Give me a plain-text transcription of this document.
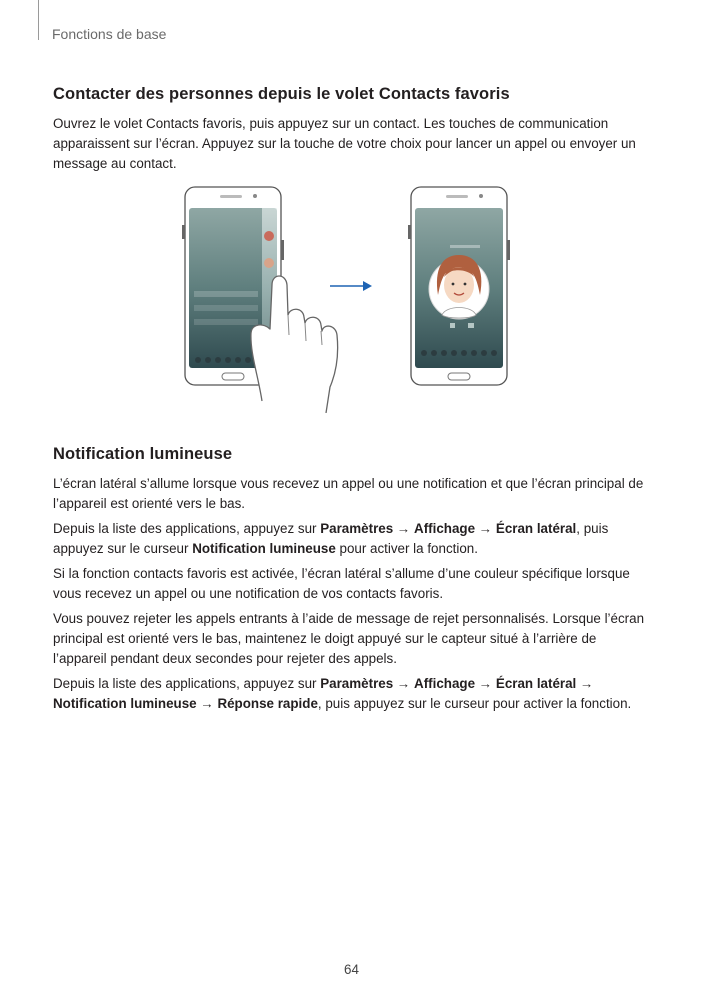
Fonctions de base
Contacter des personnes depuis le volet Contacts favoris

Ouvrez le volet Contacts favoris, puis appuyez sur un contact. Les touches de communication apparaissent sur l’écran. Appuyez sur la touche de votre choix pour lancer un appel ou envoyer un message au contact.

Notification lumineuse

L’écran latéral s’allume lorsque vous recevez un appel ou une notification et que l’écran principal de l’appareil est orienté vers le bas.

Depuis la liste des applications, appuyez sur Paramètres → Affichage → Écran latéral, puis appuyez sur le curseur Notification lumineuse pour activer la fonction.

Si la fonction contacts favoris est activée, l’écran latéral s’allume d’une couleur spécifique lorsque vous recevez un appel ou une notification de vos contacts favoris.

Vous pouvez rejeter les appels entrants à l’aide de message de rejet personnalisés. Lorsque l’écran principal est orienté vers le bas, maintenez le doigt appuyé sur le capteur situé à l’arrière de l’appareil pendant deux secondes pour rejeter des appels.

Depuis la liste des applications, appuyez sur Paramètres → Affichage → Écran latéral → Notification lumineuse → Réponse rapide, puis appuyez sur le curseur pour activer la fonction.

64
